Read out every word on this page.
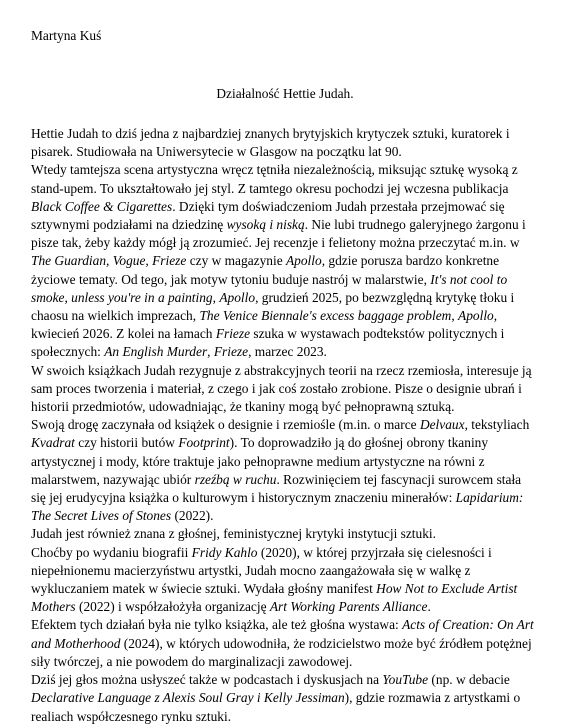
Martyna Kuś

Działalność Hettie Judah.

Hettie Judah to dziś jedna z najbardziej znanych brytyjskich krytyczek sztuki, kuratorek i pisarek. Studiowała na Uniwersytecie w Glasgow na początku lat 90.

Wtedy tamtejsza scena artystyczna wręcz tętniła niezależnością, miksując sztukę wysoką z stand-upem. To ukształtowało jej styl. Z tamtego okresu pochodzi jej wczesna publikacja Black Coffee & Cigarettes. Dzięki tym doświadczeniom Judah przestała przejmować się sztywnymi podziałami na dziedzinę wysoką i niską. Nie lubi trudnego galeryjnego żargonu i pisze tak, żeby każdy mógł ją zrozumieć. Jej recenzje i felietony można przeczytać m.in. w The Guardian, Vogue, Frieze czy w magazynie Apollo, gdzie porusza bardzo konkretne życiowe tematy. Od tego, jak motyw tytoniu buduje nastrój w malarstwie, It's not cool to smoke, unless you're in a painting, Apollo, grudzień 2025, po bezwzględną krytykę tłoku i chaosu na wielkich imprezach, The Venice Biennale's excess baggage problem, Apollo, kwiecień 2026. Z kolei na łamach Frieze szuka w wystawach podtekstów politycznych i społecznych: An English Murder, Frieze, marzec 2023.

W swoich książkach Judah rezygnuje z abstrakcyjnych teorii na rzecz rzemiosła, interesuje ją sam proces tworzenia i materiał, z czego i jak coś zostało zrobione. Pisze o designie ubrań i historii przedmiotów, udowadniając, że tkaniny mogą być pełnoprawną sztuką.

Swoją drogę zaczynała od książek o designie i rzemiośle (m.in. o marce Delvaux, tekstyliach Kvadrat czy historii butów Footprint). To doprowadziło ją do głośnej obrony tkaniny artystycznej i mody, które traktuje jako pełnoprawne medium artystyczne na równi z malarstwem, nazywając ubiór rzeźbą w ruchu. Rozwinięciem tej fascynacji surowcem stała się jej erudycyjna książka o kulturowym i historycznym znaczeniu minerałów: Lapidarium: The Secret Lives of Stones (2022).

Judah jest również znana z głośnej, feministycznej krytyki instytucji sztuki.

Choćby po wydaniu biografii Fridy Kahlo (2020), w której przyjrzała się cielesności i niepełnionemu macierzyństwu artystki, Judah mocno zaangażowała się w walkę z wykluczaniem matek w świecie sztuki. Wydała głośny manifest How Not to Exclude Artist Mothers (2022) i współzałożyła organizację Art Working Parents Alliance.

Efektem tych działań była nie tylko książka, ale też głośna wystawa: Acts of Creation: On Art and Motherhood (2024), w których udowodniła, że rodzicielstwo może być źródłem potężnej siły twórczej, a nie powodem do marginalizacji zawodowej.

Dziś jej głos można usłyszeć także w podcastach i dyskusjach na YouTube (np. w debacie Declarative Language z Alexis Soul Gray i Kelly Jessiman), gdzie rozmawia z artystkami o realiach współczesnego rynku sztuki.
